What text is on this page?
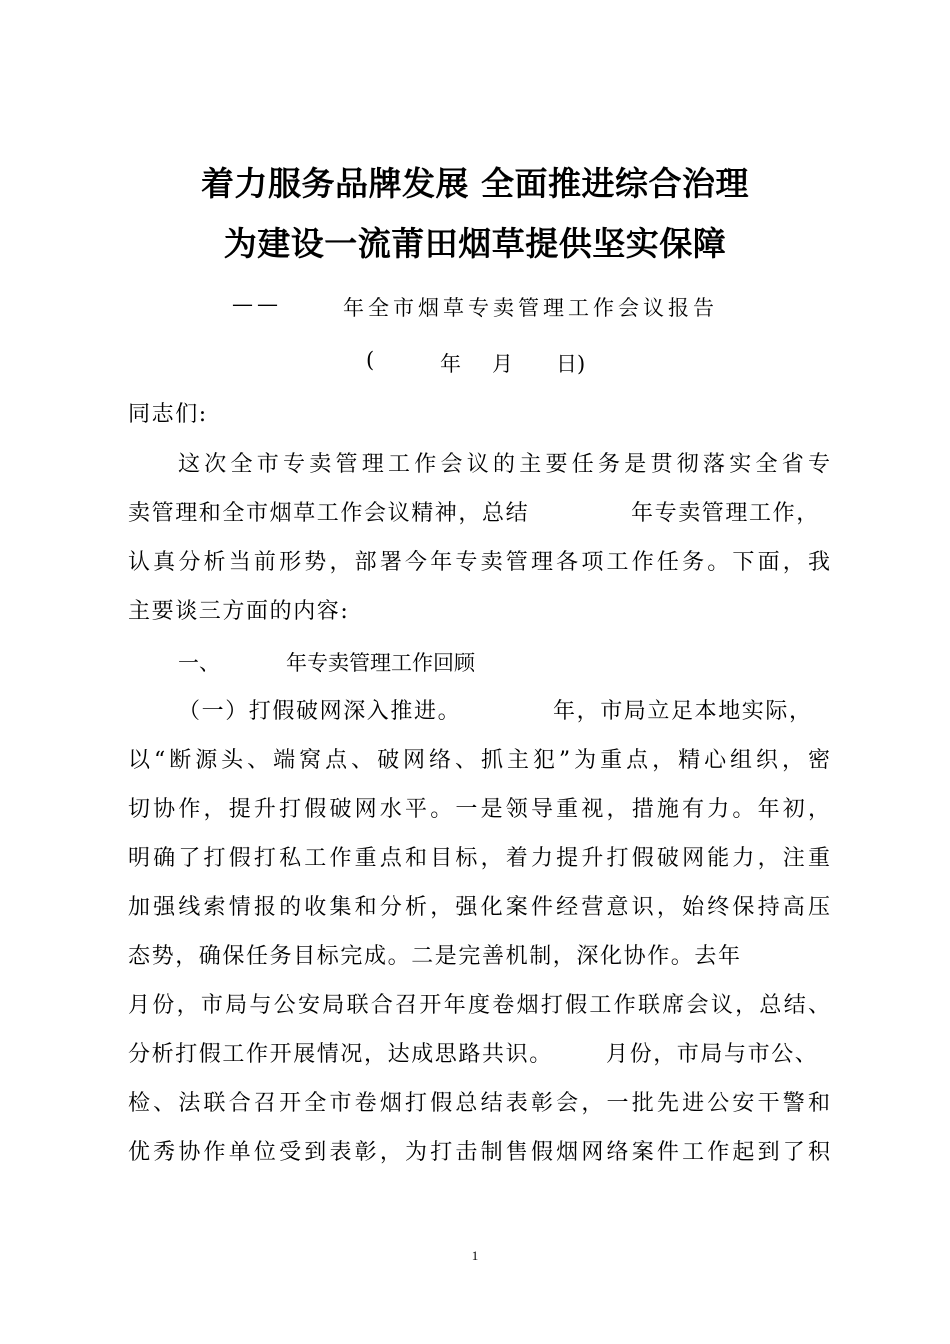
着力服务品牌发展 全面推进综合治理
为建设一流莆田烟草提供坚实保障
——	年全市烟草专卖管理工作会议报告
(	年 月 日)
同志们:
这次全市专卖管理工作会议的主要任务是贯彻落实全省专
卖管理和全市烟草工作会议精神，总结	年专卖管理工作，
认真分析当前形势，部署今年专卖管理各项工作任务。下面，我
主要谈三方面的内容:
一、	年专卖管理工作回顾
（一）打假破网深入推进。	年，市局立足本地实际，
以“断源头、端窝点、破网络、抓主犯”为重点，精心组织，密
切协作，提升打假破网水平。一是领导重视，措施有力。年初，
明确了打假打私工作重点和目标，着力提升打假破网能力，注重
加强线索情报的收集和分析，强化案件经营意识，始终保持高压
态势，确保任务目标完成。二是完善机制，深化协作。去年
月份，市局与公安局联合召开年度卷烟打假工作联席会议，总结、
分析打假工作开展情况，达成思路共识。 月份，市局与市公、
检、法联合召开全市卷烟打假总结表彰会，一批先进公安干警和
优秀协作单位受到表彰，为打击制售假烟网络案件工作起到了积
1
